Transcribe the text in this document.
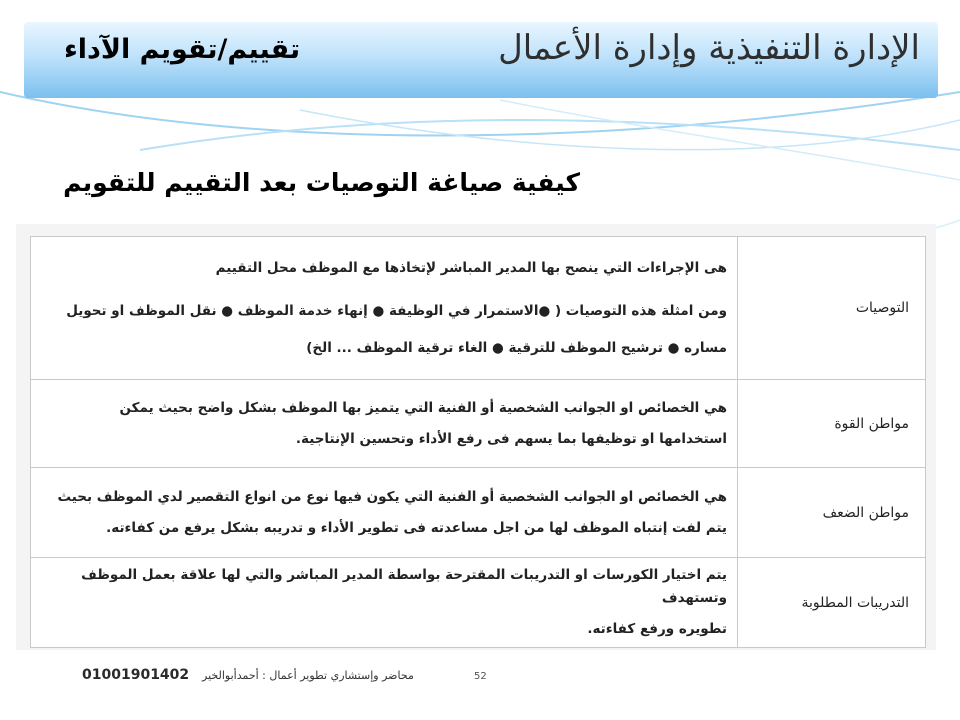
الإدارة التنفيذية وإدارة الأعمال
تقييم/تقويم الآداء
كيفية صياغة التوصيات بعد التقييم للتقويم
التوصيات	هى الإجراءات التي ينصح بها المدير المباشر لإتخاذها مع الموظف محل التقييم
ومن امثلة هذه التوصيات ( ●الاستمرار في الوظيفة ● إنهاء خدمة الموظف ● نقل الموظف او تحويل
مساره ● ترشيح الموظف للترقية ● الغاء ترقية الموظف ... الخ)

مواطن القوة	هي الخصائص او الجوانب الشخصية أو الفنية التي يتميز بها الموظف بشكل واضح بحيث يمكن
استخدامها او توظيفها بما يسهم فى رفع الأداء وتحسين الإنتاجية.

مواطن الضعف	هي الخصائص او الجوانب الشخصية أو الفنية التي يكون فيها نوع من انواع التقصير لدي الموظف بحيث
يتم لفت إنتباه الموظف لها من اجل مساعدته فى تطوير الأداء و تدريبه بشكل يرفع من كفاءته.

التدريبات المطلوبة	يتم اختيار الكورسات او التدريبات المقترحة بواسطة المدير المباشر والتي لها علاقة بعمل الموظف وتستهدف
تطويره ورفع كفاءته.
01001901402 محاضر وإستشاري تطوير أعمال : أحمدأبوالخير	52
